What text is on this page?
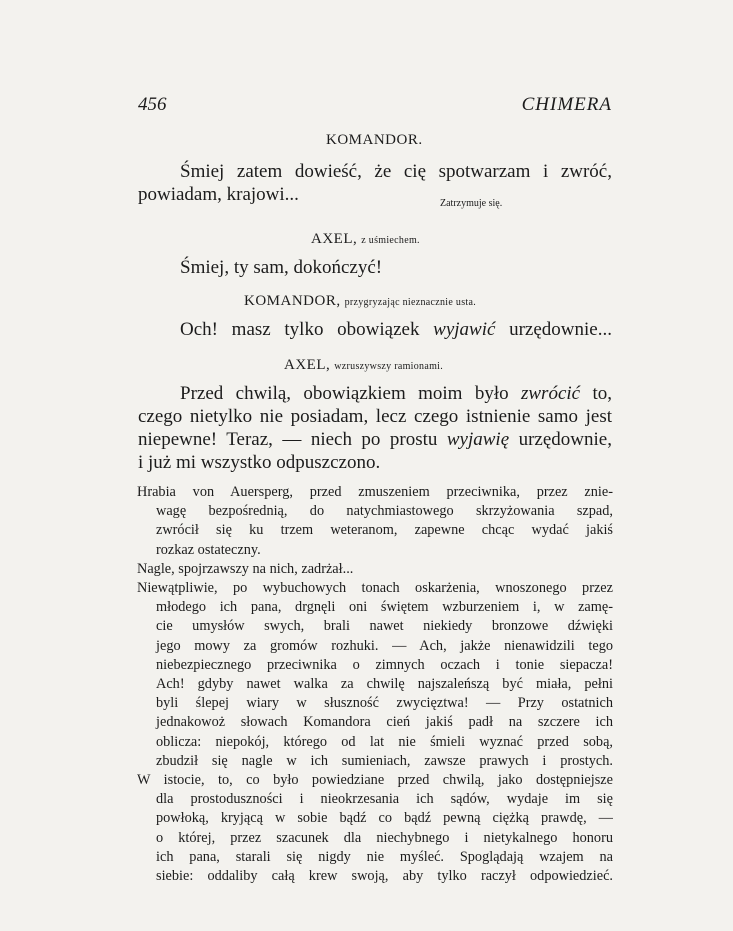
456	CHIMERA
KOMANDOR.
Śmiej zatem dowieść, że cię spotwarzam i zwróć,
powiadam, krajowi...	Zatrzymuje się.
AXEL, z uśmiechem.
Śmiej, ty sam, dokończyć!
KOMANDOR, przygryzając nieznacznie usta.
Och! masz tylko obowiązek wyjawić urzędownie...
AXEL, wzruszywszy ramionami.
Przed chwilą, obowiązkiem moim było zwrócić to,
czego nietylko nie posiadam, lecz czego istnienie samo jest
niepewne! Teraz, — niech po prostu wyjawię urzędownie,
i już mi wszystko odpuszczono.
Hrabia von Auersperg, przed zmuszeniem przeciwnika, przez znie-
wagę bezpośrednią, do natychmiastowego skrzyżowania szpad,
zwrócił się ku trzem weteranom, zapewne chcąc wydać jakiś
rozkaz ostateczny.
Nagle, spojrzawszy na nich, zadrżał...
Niewątpliwie, po wybuchowych tonach oskarżenia, wnoszonego przez
młodego ich pana, drgnęli oni świętem wzburzeniem i, w zamę-
cie umysłów swych, brali nawet niekiedy bronzowe dźwięki
jego mowy za gromów rozhuki. — Ach, jakże nienawidzili tego
niebezpiecznego przeciwnika o zimnych oczach i tonie siepacza!
Ach! gdyby nawet walka za chwilę najszaleńszą być miała, pełni
byli ślepej wiary w słuszność zwycięztwa! — Przy ostatnich
jednakowoż słowach Komandora cień jakiś padł na szczere ich
oblicza: niepokój, którego od lat nie śmieli wyznać przed sobą,
zbudził się nagle w ich sumieniach, zawsze prawych i prostych.
W istocie, to, co było powiedziane przed chwilą, jako dostępniejsze
dla prostoduszności i nieokrzesania ich sądów, wydaje im się
powłoką, kryjącą w sobie bądź co bądź pewną ciężką prawdę, —
o której, przez szacunek dla niechybnego i nietykalnego honoru
ich pana, starali się nigdy nie myśleć. Spoglądają wzajem na
siebie: oddaliby całą krew swoją, aby tylko raczył odpowiedzieć.
